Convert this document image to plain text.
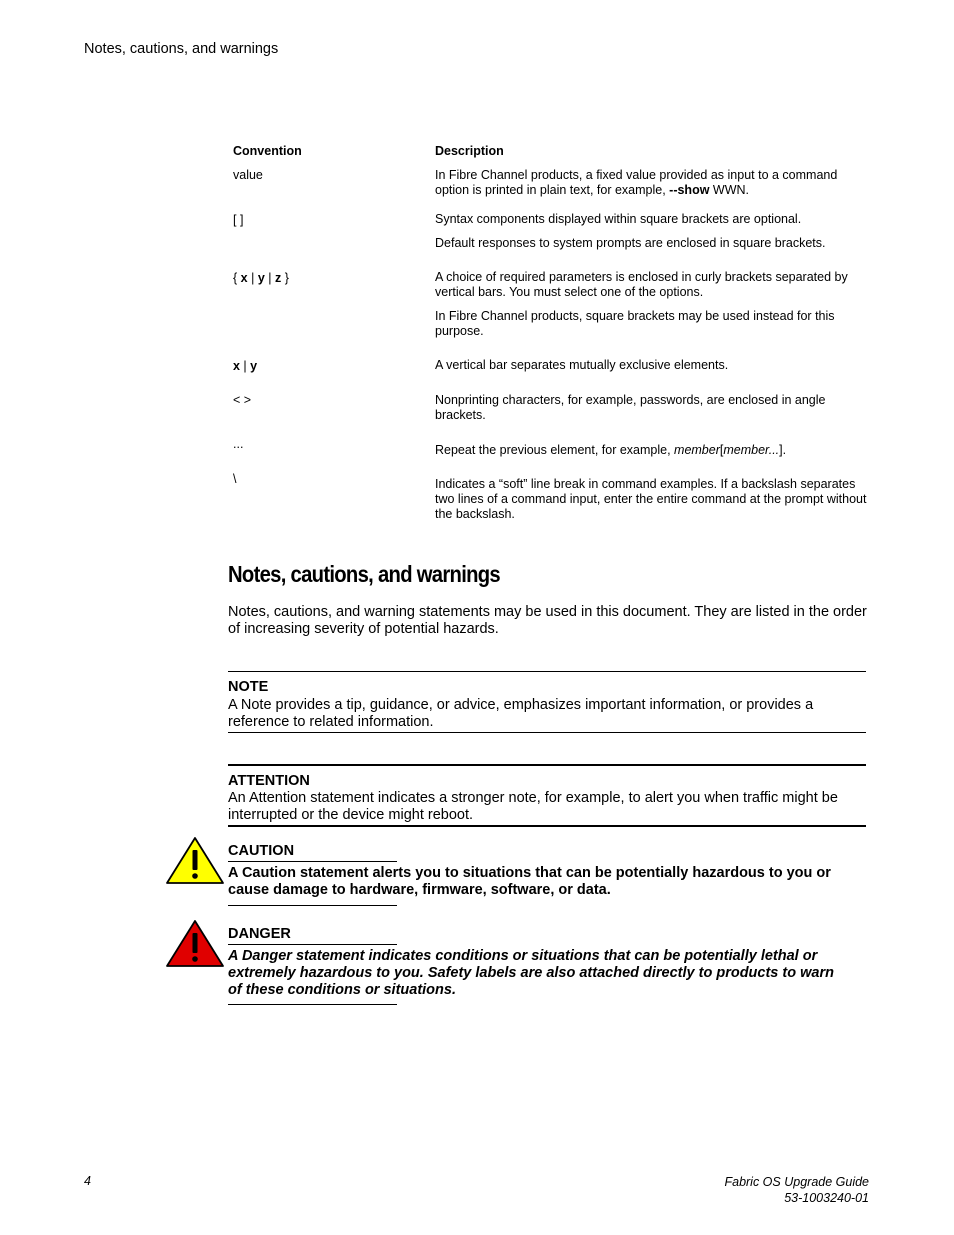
Notes, cautions, and warnings
Convention	Description
value	In Fibre Channel products, a fixed value provided as input to a command option is printed in plain text, for example, --show WWN.
[ ]	Syntax components displayed within square brackets are optional.

Default responses to system prompts are enclosed in square brackets.

{ x | y | z }	A choice of required parameters is enclosed in curly brackets separated by vertical bars. You must select one of the options.

In Fibre Channel products, square brackets may be used instead for this purpose.

x | y	A vertical bar separates mutually exclusive elements.
< >	Nonprinting characters, for example, passwords, are enclosed in angle brackets.
...	Repeat the previous element, for example, member[member...].
\	Indicates a “soft” line break in command examples. If a backslash separates two lines of a command input, enter the entire command at the prompt without the backslash.
Notes, cautions, and warnings
Notes, cautions, and warning statements may be used in this document. They are listed in the order of increasing severity of potential hazards.
NOTE
A Note provides a tip, guidance, or advice, emphasizes important information, or provides a reference to related information.
ATTENTION
An Attention statement indicates a stronger note, for example, to alert you when traffic might be interrupted or the device might reboot.
CAUTION
A Caution statement alerts you to situations that can be potentially hazardous to you or cause damage to hardware, firmware, software, or data.
DANGER
A Danger statement indicates conditions or situations that can be potentially lethal or extremely hazardous to you. Safety labels are also attached directly to products to warn of these conditions or situations.
4	Fabric OS Upgrade Guide
53-1003240-01
